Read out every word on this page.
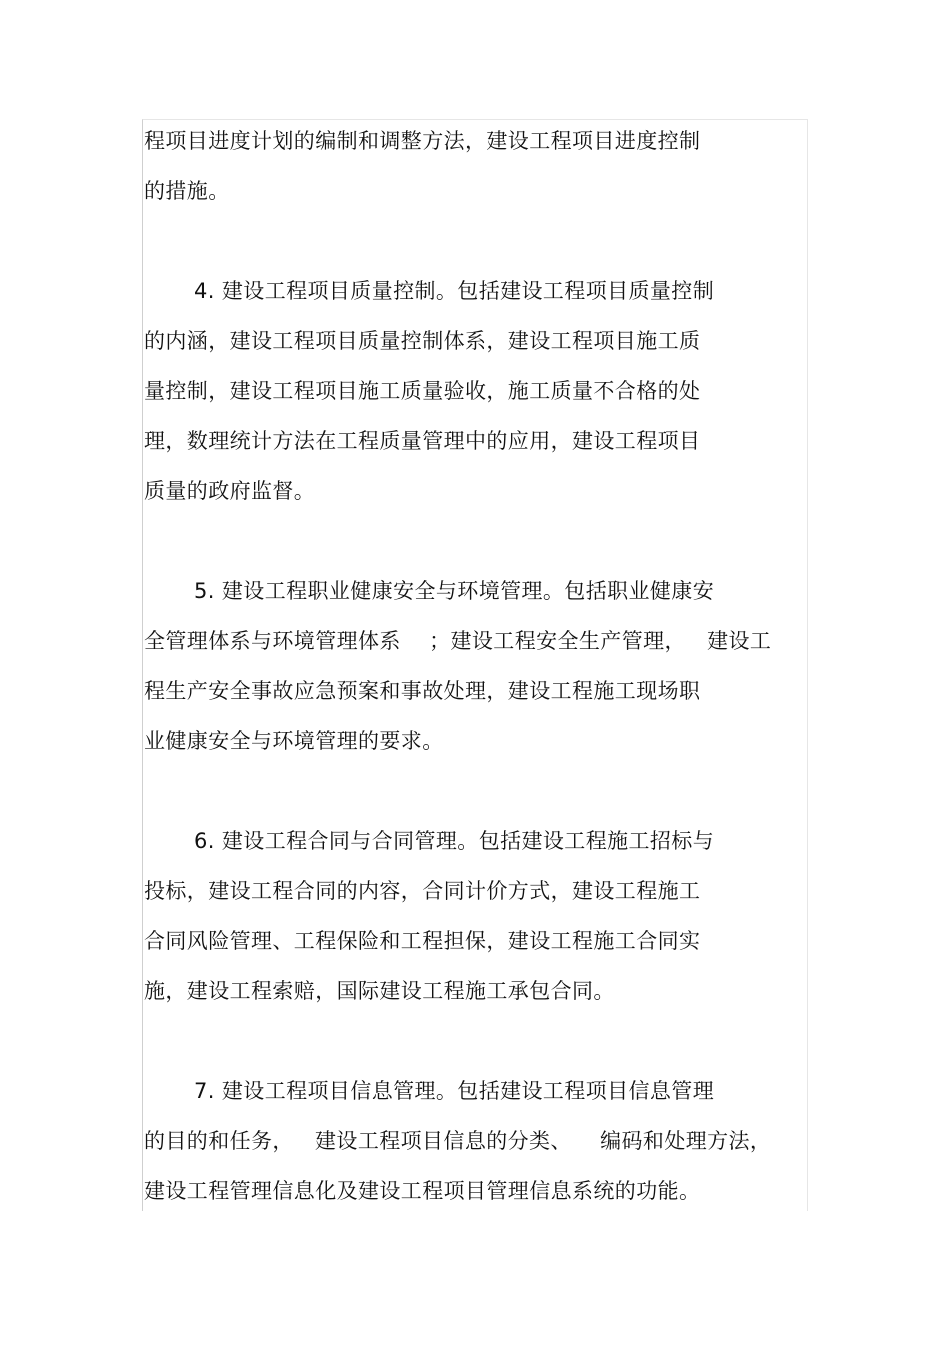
程项目进度计划的编制和调整方法，建设工程项目进度控制
的措施。
4. 建设工程项目质量控制。包括建设工程项目质量控制
的内涵，建设工程项目质量控制体系，建设工程项目施工质
量控制，建设工程项目施工质量验收，施工质量不合格的处
理，数理统计方法在工程质量管理中的应用，建设工程项目
质量的政府监督。
5. 建设工程职业健康安全与环境管理。包括职业健康安
全管理体系与环境管理体系    ；建设工程安全生产管理，   建设工
程生产安全事故应急预案和事故处理，建设工程施工现场职
业健康安全与环境管理的要求。
6. 建设工程合同与合同管理。包括建设工程施工招标与
投标，建设工程合同的内容，合同计价方式，建设工程施工
合同风险管理、工程保险和工程担保，建设工程施工合同实
施，建设工程索赔，国际建设工程施工承包合同。
7. 建设工程项目信息管理。包括建设工程项目信息管理
的目的和任务，   建设工程项目信息的分类、    编码和处理方法，
建设工程管理信息化及建设工程项目管理信息系统的功能。
